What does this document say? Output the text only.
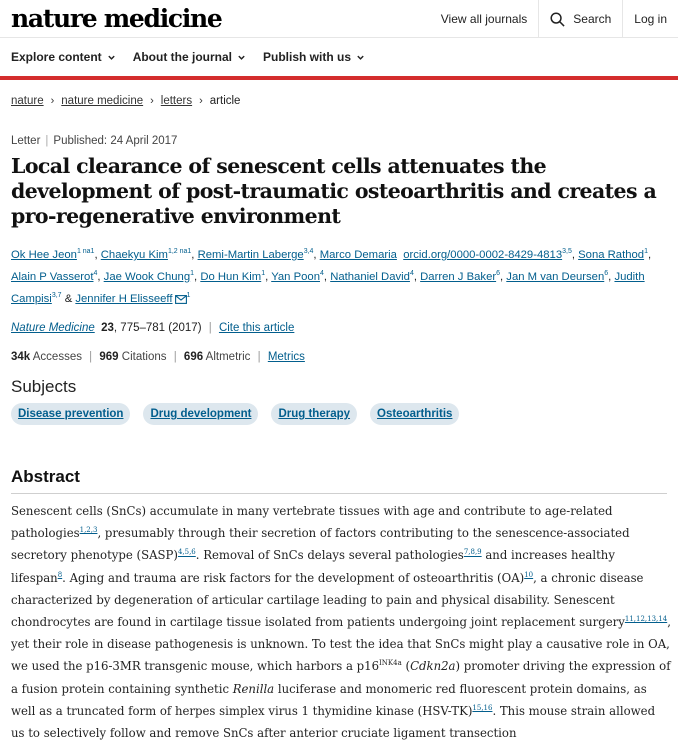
nature medicine	View all journals	Search	Log in
Explore content	About the journal	Publish with us
nature › nature medicine › letters › article
Letter | Published: 24 April 2017
Local clearance of senescent cells attenuates the development of post-traumatic osteoarthritis and creates a pro-regenerative environment
Ok Hee Jeon$^{1 na1}$, Chaekyu Kim$^{1,2 na1}$, Remi-Martin Laberge$^{3,4}$, Marco Demaria orcid.org/0000-0002-8429-4813$^{3,5}$, Sona Rathod$^1$, Alain P Vasserot$^4$, Jae Wook Chung$^1$, Do Hun Kim$^1$, Yan Poon$^4$, Nathaniel David$^4$, Darren J Baker$^6$, Jan M van Deursen$^6$, Judith Campisi$^{3,7}$ & Jennifer H Elisseeff $^1$
Nature Medicine 23, 775–781 (2017) | Cite this article
34k Accesses | 969 Citations | 696 Altmetric | Metrics
Subjects
Disease prevention	Drug development	Drug therapy	Osteoarthritis
Abstract

Senescent cells (SnCs) accumulate in many vertebrate tissues with age and contribute to age-related pathologies$^{1,2,3}$, presumably through their secretion of factors contributing to the senescence-associated secretory phenotype (SASP)$^{4,5,6}$. Removal of SnCs delays several pathologies$^{7,8,9}$ and increases healthy lifespan$^8$. Aging and trauma are risk factors for the development of osteoarthritis (OA)$^{10}$, a chronic disease characterized by degeneration of articular cartilage leading to pain and physical disability. Senescent chondrocytes are found in cartilage tissue isolated from patients undergoing joint replacement surgery$^{11,12,13,14}$, yet their role in disease pathogenesis is unknown. To test the idea that SnCs might play a causative role in OA, we used the p16-3MR transgenic mouse, which harbors a $p16^{INK4a}$ (Cdkn2a) promoter driving the expression of a fusion protein containing synthetic Renilla luciferase and monomeric red fluorescent protein domains, as well as a truncated form of herpes simplex virus 1 thymidine kinase (HSV-TK)$^{15,16}$. This mouse strain allowed us to selectively follow and remove SnCs after anterior cruciate ligament transection
